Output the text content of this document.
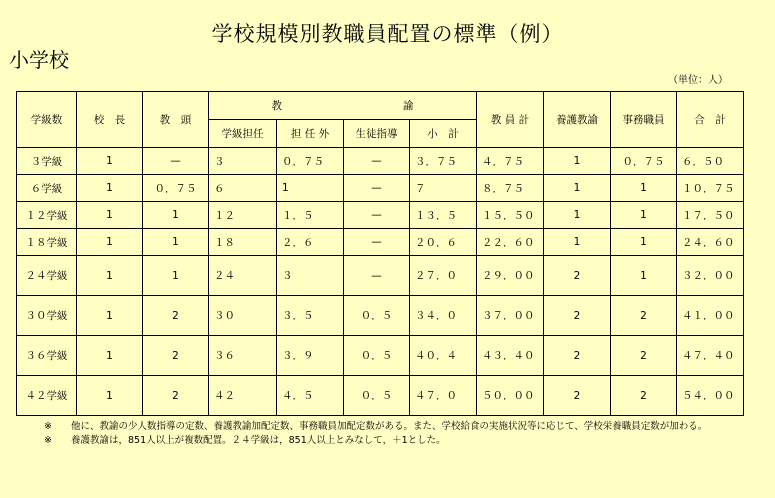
学校規模別教職員配置の標準（例）
小学校
（単位：人）
学級数	校　長	教　頭	教 諭				教 員 計	養護教諭	事務職員	合　計
			学級担任	担 任 外	生徒指導	小　計				
３学級	1	—	３	０．７５	—	３．７５	４．７５	1	０．７５	６．５０
６学級	1	０．７５	６	1	—	７	８．７５	1	1	１０．７５
１２学級	1	1	１２	１．５	—	１３．５	１５．５０	1	1	１７．５０
１８学級	1	1	１８	２．６	—	２０．６	２２．６０	1	1	２４．６０
２４学級	1	1	２４	３	—	２７．０	２９．００	2	1	３２．００
３０学級	1	2	３０	３．５	０．５	３４．０	３７．００	2	2	４１．００
３６学級	1	2	３６	３．９	０．５	４０．４	４３．４０	2	2	４７．４０
４２学級	1	2	４２	４．５	０．５	４７．０	５０．００	2	2	５４．００
※	他に、教諭の少人数指導の定数、養護教諭加配定数、事務職員加配定数がある。また、学校給食の実施状況等に応じて、学校栄養職員定数が加わる。
※	養護教諭は，851人以上が複数配置。２４学級は，851人以上とみなして，＋1とした。
